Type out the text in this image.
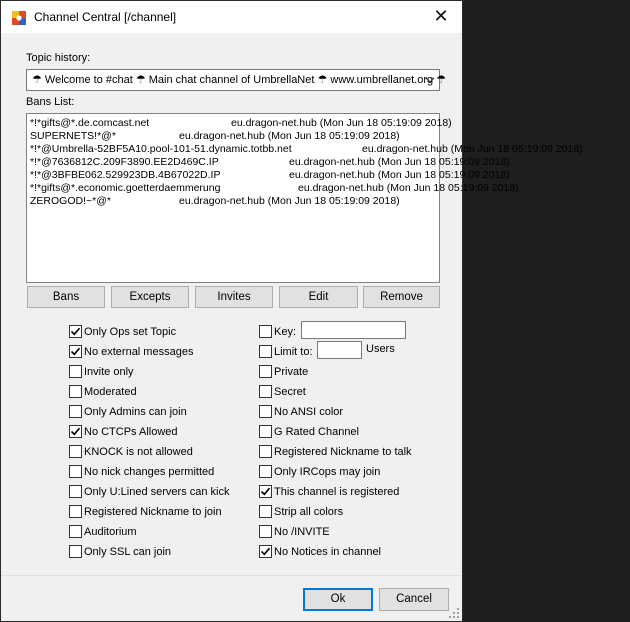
Channel Central [/channel]	✕
Topic history:
☂ Welcome to #chat ☂ Main chat channel of UmbrellaNet ☂ www.umbrellanet.org ☂
Bans List:
*!*gifts@*.de.comcast.net	eu.dragon-net.hub (Mon Jun 18 05:19:09 2018)
SUPERNETS!*@*	eu.dragon-net.hub (Mon Jun 18 05:19:09 2018)
*!*@Umbrella-52BF5A10.pool-101-51.dynamic.totbb.net	eu.dragon-net.hub (Mon Jun 18 05:19:09 2018)
*!*@7636812C.209F3890.EE2D469C.IP	eu.dragon-net.hub (Mon Jun 18 05:19:09 2018)
*!*@3BFBE062.529923DB.4B67022D.IP	eu.dragon-net.hub (Mon Jun 18 05:19:09 2018)
*!*gifts@*.economic.goetterdaemmerung	eu.dragon-net.hub (Mon Jun 18 05:19:09 2018)
ZEROGOD!~*@*	eu.dragon-net.hub (Mon Jun 18 05:19:09 2018)
Bans	Excepts	Invites	Edit	Remove
Only Ops set Topic
No external messages
Invite only
Moderated
Only Admins can join
No CTCPs Allowed
KNOCK is not allowed
No nick changes permitted
Only U:Lined servers can kick
Registered Nickname to join
Auditorium
Only SSL can join
Key:
Limit to:
Private
Secret
No ANSI color
G Rated Channel
Registered Nickname to talk
Only IRCops may join
This channel is registered
Strip all colors
No /INVITE
No Notices in channel
Users
Ok	Cancel
